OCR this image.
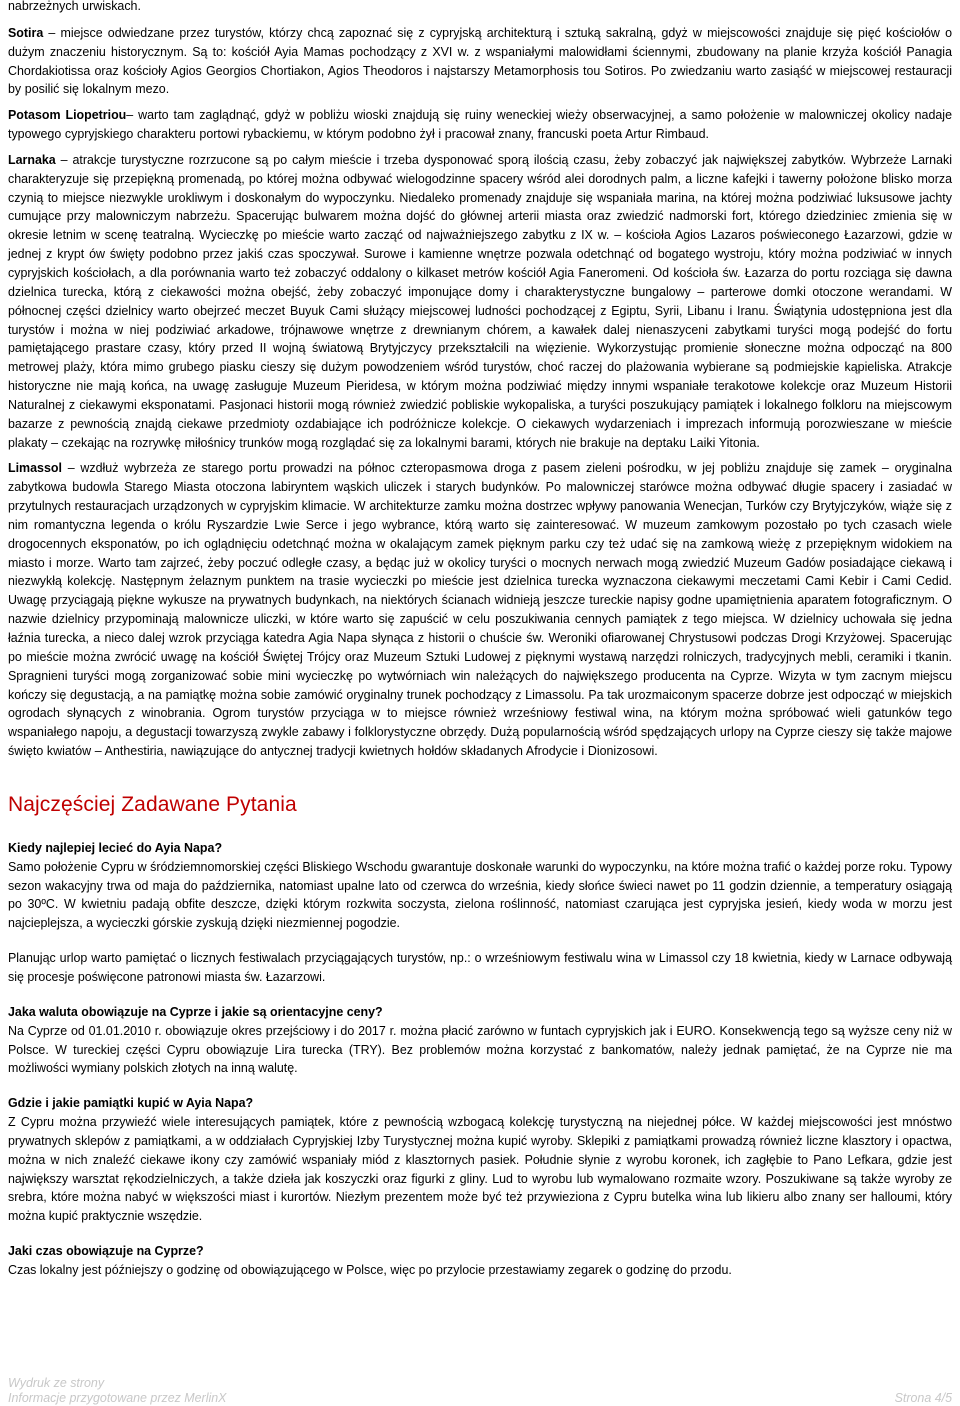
nabrzeżnych urwiskach.

Sotira – miejsce odwiedzane przez turystów, którzy chcą zapoznać się z cypryjską architekturą i sztuką sakralną, gdyż w miejscowości znajduje się pięć kościołów o dużym znaczeniu historycznym. Są to: kościół Ayia Mamas pochodzący z XVI w. z wspaniałymi malowidłami ściennymi, zbudowany na planie krzyża kościół Panagia Chordakiotissa oraz kościoły Agios Georgios Chortiakon, Agios Theodoros i najstarszy Metamorphosis tou Sotiros. Po zwiedzaniu warto zasiąść w miejscowej restauracji by posilić się lokalnym mezo.

Potasom Liopetriou– warto tam zaglądnąć, gdyż w pobliżu wioski znajdują się ruiny weneckiej wieży obserwacyjnej, a samo położenie w malowniczej okolicy nadaje typowego cypryjskiego charakteru portowi rybackiemu, w którym podobno żył i pracował znany, francuski poeta Artur Rimbaud.

Larnaka – atrakcje turystyczne rozrzucone są po całym mieście i trzeba dysponować sporą ilością czasu, żeby zobaczyć jak największej zabytków. Wybrzeże Larnaki charakteryzuje się przepiękną promenadą, po której można odbywać wielogodzinne spacery wśród alei dorodnych palm, a liczne kafejki i tawerny położone blisko morza czynią to miejsce niezwykle urokliwym i doskonałym do wypoczynku. Niedaleko promenady znajduje się wspaniała marina, na której można podziwiać luksusowe jachty cumujące przy malowniczym nabrzeżu. Spacerując bulwarem można dojść do głównej arterii miasta oraz zwiedzić nadmorski fort, którego dziedziniec zmienia się w okresie letnim w scenę teatralną. Wycieczkę po mieście warto zacząć od najważniejszego zabytku z IX w. – kościoła Agios Lazaros poświeconego Łazarzowi, gdzie w jednej z krypt ów święty podobno przez jakiś czas spoczywał. Surowe i kamienne wnętrze pozwala odetchnąć od bogatego wystroju, który można podziwiać w innych cypryjskich kościołach, a dla porównania warto też zobaczyć oddalony o kilkaset metrów kościół Agia Faneromeni. Od kościoła św. Łazarza do portu rozciąga się dawna dzielnica turecka, którą z ciekawości można obejść, żeby zobaczyć imponujące domy i charakterystyczne bungalowy – parterowe domki otoczone werandami. W północnej części dzielnicy warto obejrzeć meczet Buyuk Cami służący miejscowej ludności pochodzącej z Egiptu, Syrii, Libanu i Iranu. Świątynia udostępniona jest dla turystów i można w niej podziwiać arkadowe, trójnawowe wnętrze z drewnianym chórem, a kawałek dalej nienaszyceni zabytkami turyści mogą podejść do fortu pamiętającego prastare czasy, który przed II wojną światową Brytyjczycy przekształcili na więzienie. Wykorzystując promienie słoneczne można odpocząć na 800 metrowej plaży, która mimo grubego piasku cieszy się dużym powodzeniem wśród turystów, choć raczej do plażowania wybierane są podmiejskie kąpieliska. Atrakcje historyczne nie mają końca, na uwagę zasługuje Muzeum Pieridesa, w którym można podziwiać między innymi wspaniałe terakotowe kolekcje oraz Muzeum Historii Naturalnej z ciekawymi eksponatami. Pasjonaci historii mogą również zwiedzić pobliskie wykopaliska, a turyści poszukujący pamiątek i lokalnego folkloru na miejscowym bazarze z pewnością znajdą ciekawe przedmioty ozdabiające ich podróżnicze kolekcje. O ciekawych wydarzeniach i imprezach informują porozwieszane w mieście plakaty – czekając na rozrywkę miłośnicy trunków mogą rozglądać się za lokalnymi barami, których nie brakuje na deptaku Laiki Yitonia.

Limassol – wzdłuż wybrzeża ze starego portu prowadzi na północ czteropasmowa droga z pasem zieleni pośrodku, w jej pobliżu znajduje się zamek – oryginalna zabytkowa budowla Starego Miasta otoczona labiryntem wąskich uliczek i starych budynków. Po malowniczej starówce można odbywać długie spacery i zasiadać w przytulnych restauracjach urządzonych w cypryjskim klimacie. W architekturze zamku można dostrzec wpływy panowania Wenecjan, Turków czy Brytyjczyków, wiąże się z nim romantyczna legenda o królu Ryszardzie Lwie Serce i jego wybrance, którą warto się zainteresować. W muzeum zamkowym pozostało po tych czasach wiele drogocennych eksponatów, po ich oglądnięciu odetchnąć można w okalającym zamek pięknym parku czy też udać się na zamkową wieżę z przepięknym widokiem na miasto i morze. Warto tam zajrzeć, żeby poczuć odległe czasy, a będąc już w okolicy turyści o mocnych nerwach mogą zwiedzić Muzeum Gadów posiadające ciekawą i niezwykłą kolekcję. Następnym żelaznym punktem na trasie wycieczki po mieście jest dzielnica turecka wyznaczona ciekawymi meczetami Cami Kebir i Cami Cedid. Uwagę przyciągają piękne wykusze na prywatnych budynkach, na niektórych ścianach widnieją jeszcze tureckie napisy godne upamiętnienia aparatem fotograficznym. O nazwie dzielnicy przypominają malownicze uliczki, w które warto się zapuścić w celu poszukiwania cennych pamiątek z tego miejsca. W dzielnicy uchowała się jedna łaźnia turecka, a nieco dalej wzrok przyciąga katedra Agia Napa słynąca z historii o chuście św. Weroniki ofiarowanej Chrystusowi podczas Drogi Krzyżowej. Spacerując po mieście można zwrócić uwagę na kościół Świętej Trójcy oraz Muzeum Sztuki Ludowej z pięknymi wystawą narzędzi rolniczych, tradycyjnych mebli, ceramiki i tkanin. Spragnieni turyści mogą zorganizować sobie mini wycieczkę po wytwórniach win należących do największego producenta na Cyprze. Wizyta w tym zacnym miejscu kończy się degustacją, a na pamiątkę można sobie zamówić oryginalny trunek pochodzący z Limassolu. Pa tak urozmaiconym spacerze dobrze jest odpocząć w miejskich ogrodach słynących z winobrania. Ogrom turystów przyciąga w to miejsce również wrześniowy festiwal wina, na którym można spróbować wieli gatunków tego wspaniałego napoju, a degustacji towarzyszą zwykle zabawy i folklorystyczne obrzędy. Dużą popularnością wśród spędzających urlopy na Cyprze cieszy się także majowe święto kwiatów – Anthestiria, nawiązujące do antycznej tradycji kwietnych hołdów składanych Afrodycie i Dionizosowi.

Najczęściej Zadawane Pytania

Kiedy najlepiej lecieć do Ayia Napa?

Samo położenie Cypru w śródziemnomorskiej części Bliskiego Wschodu gwarantuje doskonałe warunki do wypoczynku, na które można trafić o każdej porze roku. Typowy sezon wakacyjny trwa od maja do października, natomiast upalne lato od czerwca do września, kiedy słońce świeci nawet po 11 godzin dziennie, a temperatury osiągają po 30ºC. W kwietniu padają obfite deszcze, dzięki którym rozkwita soczysta, zielona roślinność, natomiast czarująca jest cypryjska jesień, kiedy woda w morzu jest najcieplejsza, a wycieczki górskie zyskują dzięki niezmiennej pogodzie.

Planując urlop warto pamiętać o licznych festiwalach przyciągających turystów, np.: o wrześniowym festiwalu wina w Limassol czy 18 kwietnia, kiedy w Larnace odbywają się procesje poświęcone patronowi miasta św. Łazarzowi.

Jaka waluta obowiązuje na Cyprze i jakie są orientacyjne ceny?

Na Cyprze od 01.01.2010 r. obowiązuje okres przejściowy i do 2017 r. można płacić zarówno w funtach cypryjskich jak i EURO. Konsekwencją tego są wyższe ceny niż w Polsce. W tureckiej części Cypru obowiązuje Lira turecka (TRY). Bez problemów można korzystać z bankomatów, należy jednak pamiętać, że na Cyprze nie ma możliwości wymiany polskich złotych na inną walutę.

Gdzie i jakie pamiątki kupić w Ayia Napa?

Z Cypru można przywieźć wiele interesujących pamiątek, które z pewnością wzbogacą kolekcję turystyczną na niejednej półce. W każdej miejscowości jest mnóstwo prywatnych sklepów z pamiątkami, a w oddziałach Cypryjskiej Izby Turystycznej można kupić wyroby. Sklepiki z pamiątkami prowadzą również liczne klasztory i opactwa, można w nich znaleźć ciekawe ikony czy zamówić wspaniały miód z klasztornych pasiek. Południe słynie z wyrobu koronek, ich zagłębie to Pano Lefkara, gdzie jest największy warsztat rękodzielniczych, a także dzieła jak koszyczki oraz figurki z gliny. Lud to wyrobu lub wymalowano rozmaite wzory. Poszukiwane są także wyroby ze srebra, które można nabyć w większości miast i kurortów. Niezłym prezentem może być też przywieziona z Cypru butelka wina lub likieru albo znany ser halloumi, który można kupić praktycznie wszędzie.

Jaki czas obowiązuje na Cyprze?

Czas lokalny jest późniejszy o godzinę od obowiązującego w Polsce, więc po przylocie przestawiamy zegarek o godzinę do przodu.

Wydruk ze strony
Informacje przygotowane przez MerlinX	Strona 4/5
